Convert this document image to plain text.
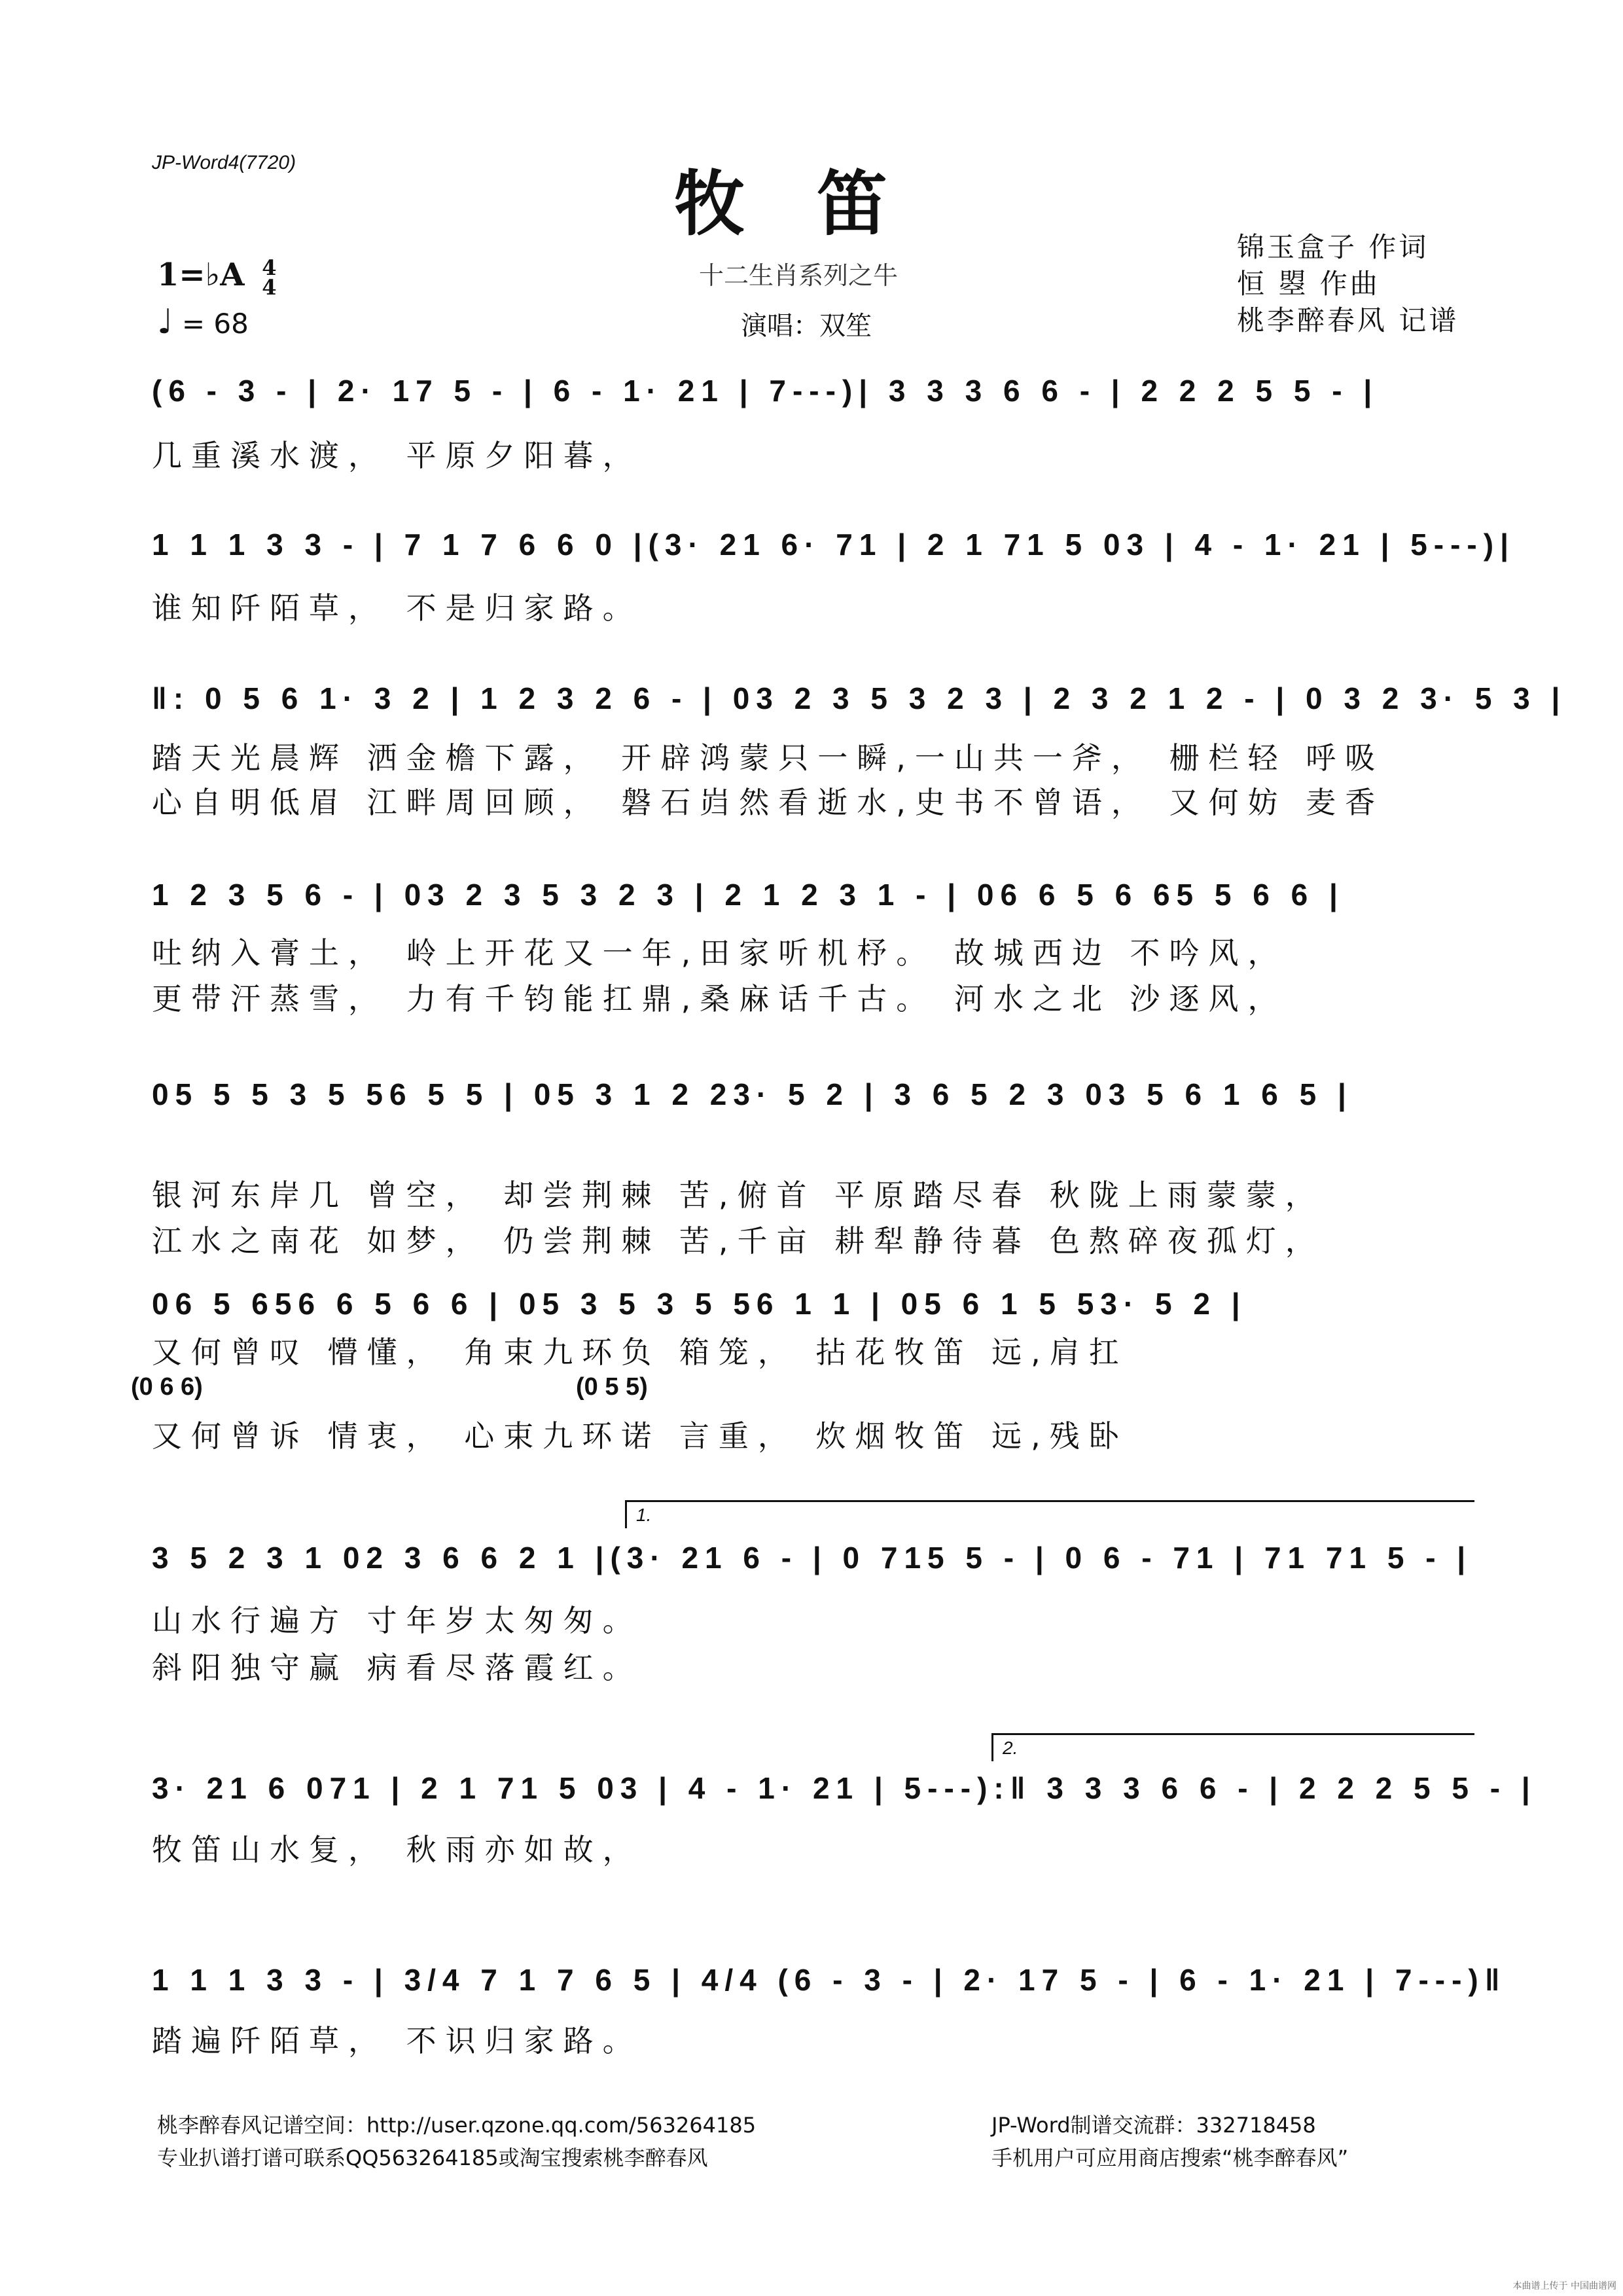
JP-Word4(7720)
牧笛
十二生肖系列之牛
演唱：双笙
锦玉盒子 作词
恒 曌 作曲
桃李醉春风 记谱
1=♭A 4
4
♩ = 68
(6 - 3 - | 2· 17 5 - | 6 - 1· 21 | 7---)| 3 3 3 6 6 - | 2 2 2 5 5 - |
几重溪水渡， 平原夕阳暮，
1 1 1 3 3 - | 7 1 7 6 6 0 |(3· 21 6· 71 | 2 1 71 5 03 | 4 - 1· 21 | 5---)|
谁知阡陌草， 不是归家路。
‖: 0 5 6 1· 3 2 | 1 2 3 2 6 - | 03 2 3 5 3 2 3 | 2 3 2 1 2 - | 0 3 2 3· 5 3 |
踏天光晨辉 洒金檐下露， 开辟鸿蒙只一瞬,一山共一斧， 栅栏轻 呼吸
心自明低眉 江畔周回顾， 磐石岿然看逝水,史书不曾语， 又何妨 麦香
1 2 3 5 6 - | 03 2 3 5 3 2 3 | 2 1 2 3 1 - | 06 6 5 6 65 5 6 6 |
吐纳入膏土， 岭上开花又一年,田家听机杼。 故城西边 不吟风，
更带汗蒸雪， 力有千钧能扛鼎,桑麻话千古。 河水之北 沙逐风，
05 5 5 3 5 56 5 5 | 05 3 1 2 23· 5 2 | 3 6 5 2 3 03 5 6 1 6 5 |
银河东岸几 曾空， 却尝荆棘 苦,俯首 平原踏尽春 秋陇上雨蒙蒙，
江水之南花 如梦， 仍尝荆棘 苦,千亩 耕犁静待暮 色熬碎夜孤灯，
06 5 656 6 5 6 6 | 05 3 5 3 5 56 1 1 | 05 6 1 5 53· 5 2 |
又何曾叹 懵懂， 角束九环负 箱笼， 拈花牧笛 远,肩扛
(0 6 6)	(0 5 5)
又何曾诉 情衷， 心束九环诺 言重， 炊烟牧笛 远,残卧
1.
3 5 2 3 1 02 3 6 6 2 1 |(3· 21 6 - | 0 715 5 - | 0 6 - 71 | 71 71 5 - |
山水行遍方 寸年岁太匆匆。
斜阳独守赢 病看尽落霞红。
2.
3· 21 6 071 | 2 1 71 5 03 | 4 - 1· 21 | 5---):‖ 3 3 3 6 6 - | 2 2 2 5 5 - |
牧笛山水复， 秋雨亦如故，
1 1 1 3 3 - | 3/4 7 1 7 6 5 | 4/4 (6 - 3 - | 2· 17 5 - | 6 - 1· 21 | 7---)‖
踏遍阡陌草， 不识归家路。
桃李醉春风记谱空间：http://user.qzone.qq.com/563264185
专业扒谱打谱可联系QQ563264185或淘宝搜索桃李醉春风
JP-Word制谱交流群：332718458
手机用户可应用商店搜索“桃李醉春风”
本曲谱上传于 中国曲谱网
